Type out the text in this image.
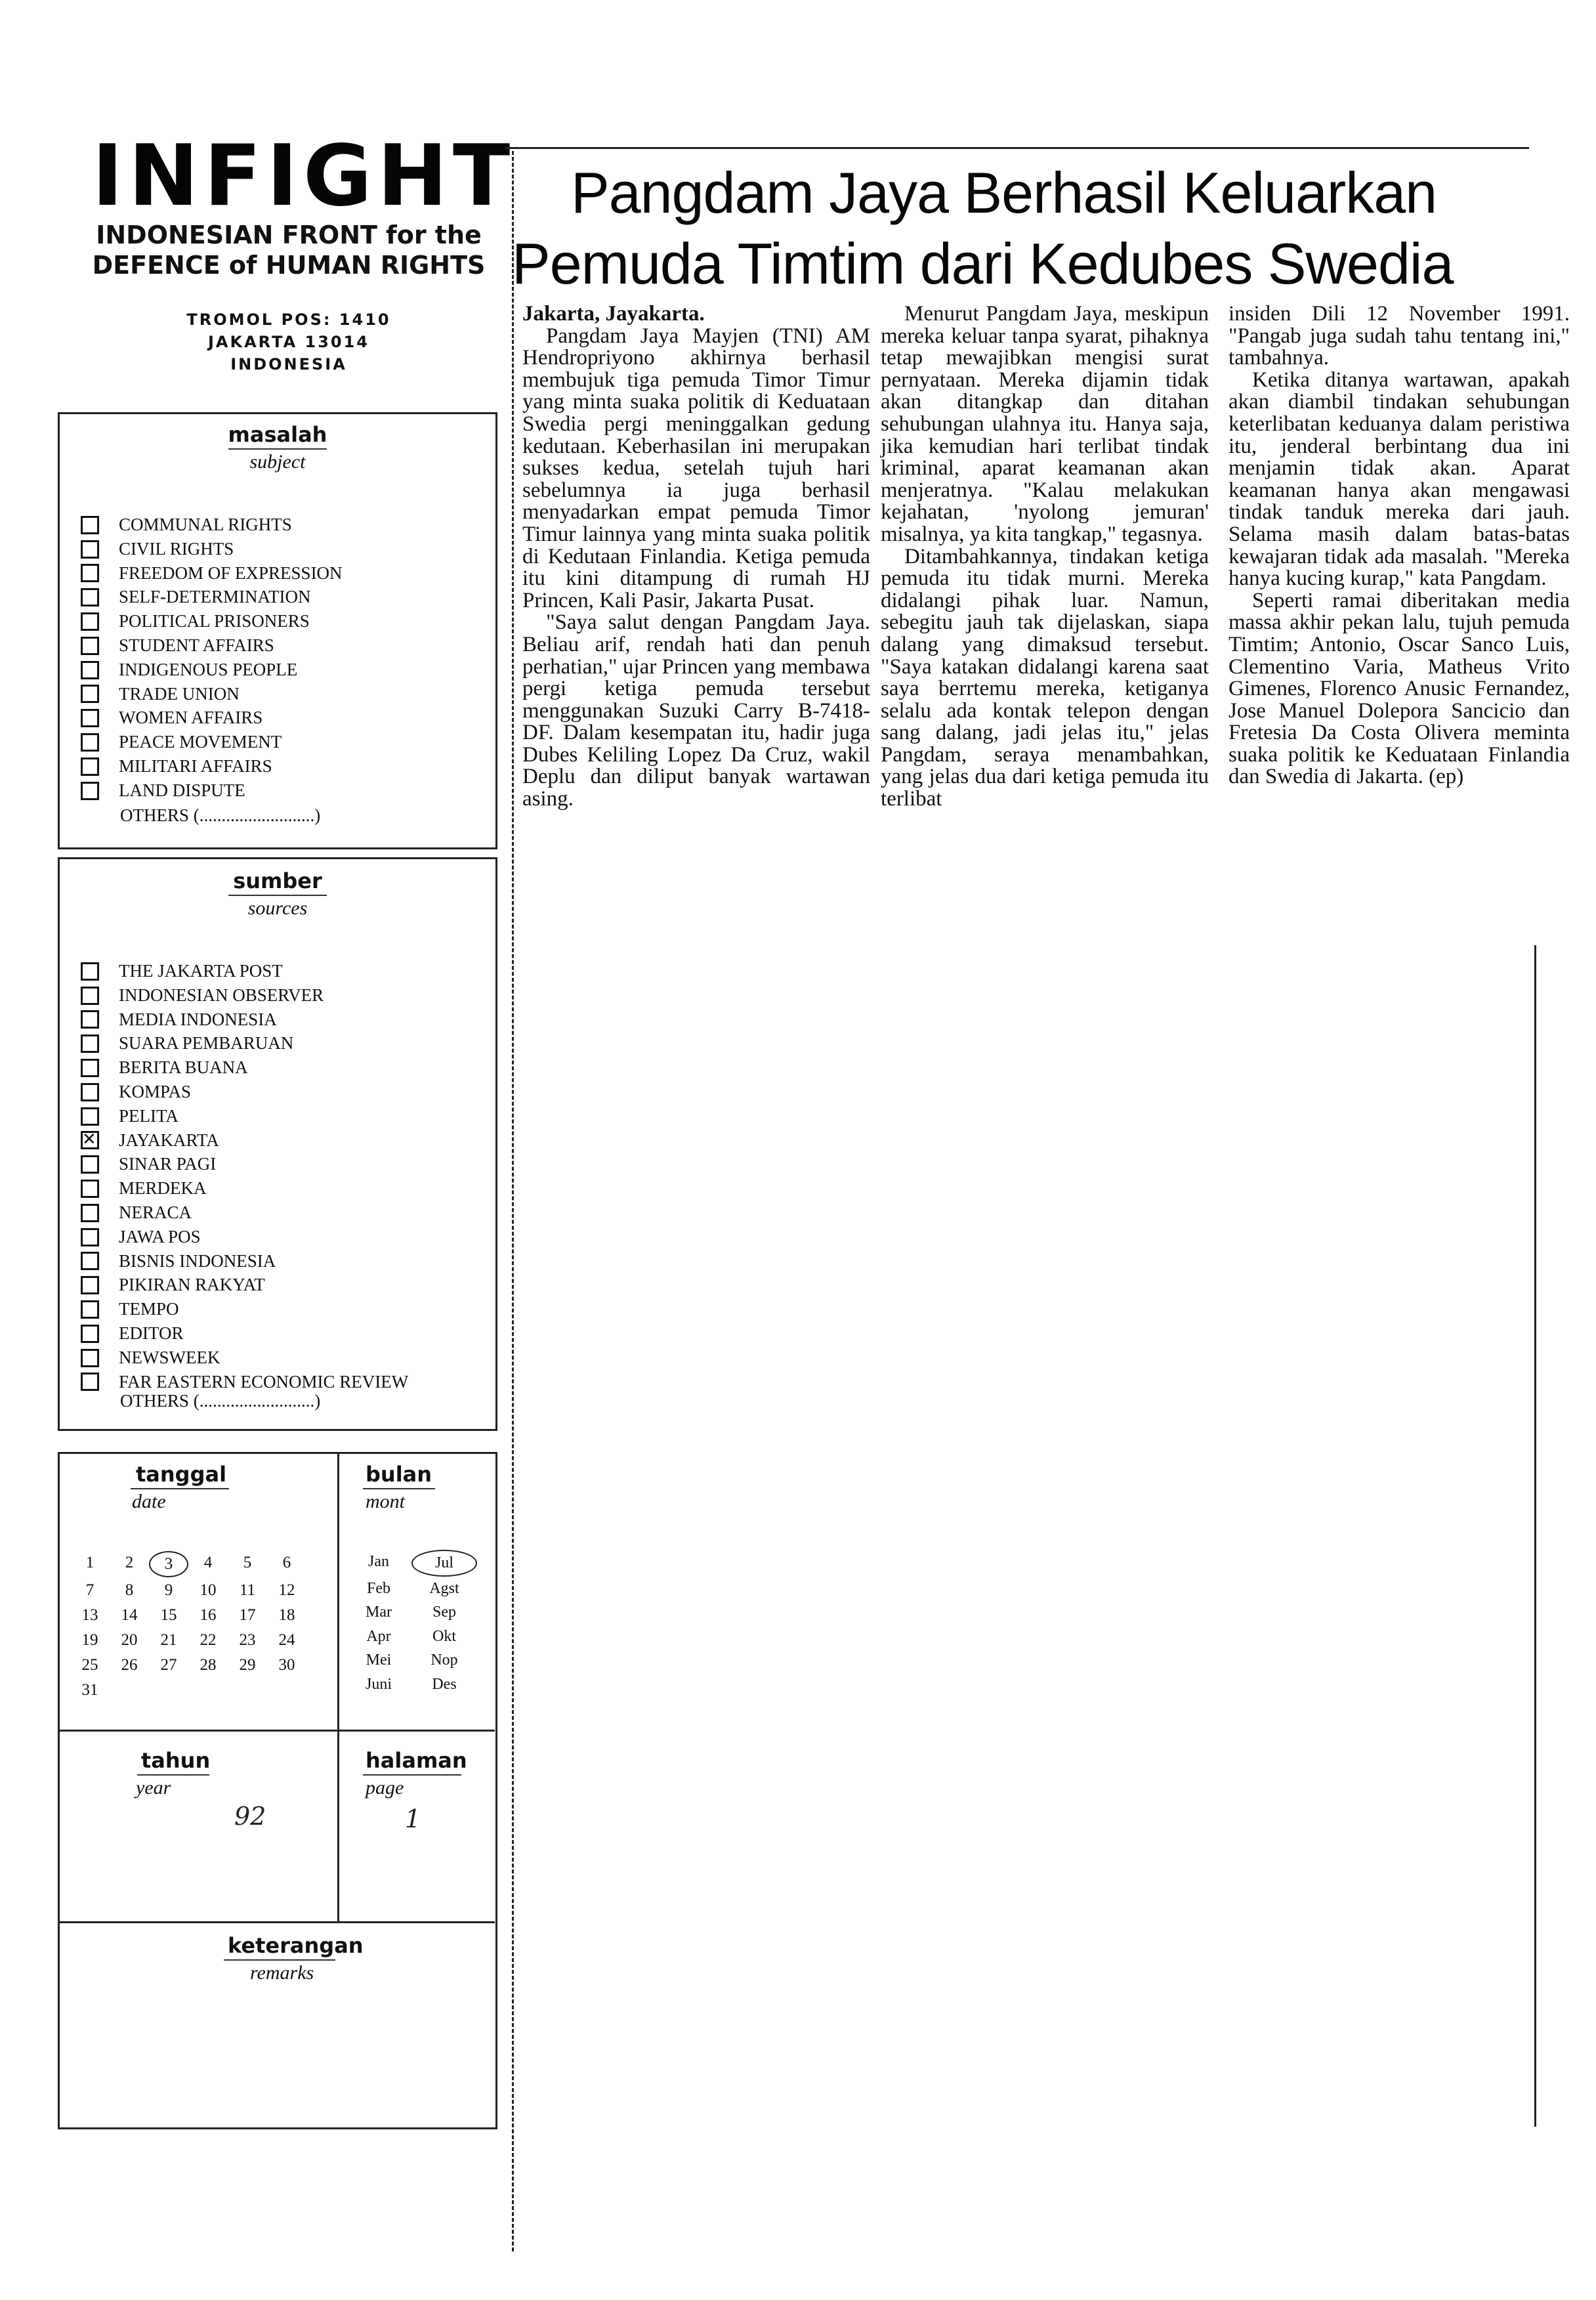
INFIGHT
INDONESIAN FRONT for the
DEFENCE of HUMAN RIGHTS
TROMOL POS: 1410
JAKARTA 13014
INDONESIA
masalah
subject
COMMUNAL RIGHTS
CIVIL RIGHTS
FREEDOM OF EXPRESSION
SELF-DETERMINATION
POLITICAL PRISONERS
STUDENT AFFAIRS
INDIGENOUS PEOPLE
TRADE UNION
WOMEN AFFAIRS
PEACE MOVEMENT
MILITARI AFFAIRS
LAND DISPUTE
OTHERS (..........................)
sumber
sources
THE JAKARTA POST
INDONESIAN OBSERVER
MEDIA INDONESIA
SUARA PEMBARUAN
BERITA BUANA
KOMPAS
PELITA
✕JAYAKARTA
SINAR PAGI
MERDEKA
NERACA
JAWA POS
BISNIS INDONESIA
PIKIRAN RAKYAT
TEMPO
EDITOR
NEWSWEEK
FAR EASTERN ECONOMIC REVIEW
OTHERS (..........................)
tanggal
date
bulan
mont
1	2	3	4	5	6
7	8	9	10	11	12
13	14	15	16	17	18
19	20	21	22	23	24
25	26	27	28	29	30
31
Jan	Jul
Feb	Agst
Mar	Sep
Apr	Okt
Mei	Nop
Juni	Des
tahun
year
92
halaman
page
1
keterangan
remarks
Pangdam Jaya Berhasil Keluarkan
Pemuda Timtim dari Kedubes Swedia

Jakarta, Jayakarta.

Pangdam Jaya Mayjen (TNI) AM Hendropriyono akhirnya berhasil membujuk tiga pemuda Timor Timur yang minta suaka politik di Keduataan Swedia pergi meninggalkan gedung kedutaan. Keberhasilan ini merupakan sukses kedua, setelah tujuh hari sebelumnya ia juga berhasil menyadarkan empat pemuda Timor Timur lainnya yang minta suaka politik di Kedutaan Finlandia. Ketiga pemuda itu kini ditampung di rumah HJ Princen, Kali Pasir, Jakarta Pusat.

"Saya salut dengan Pangdam Jaya. Beliau arif, rendah hati dan penuh perhatian," ujar Princen yang membawa pergi ketiga pemuda tersebut menggunakan Suzuki Carry B-7418-DF. Dalam kesempatan itu, hadir juga Dubes Keliling Lopez Da Cruz, wakil Deplu dan diliput banyak wartawan asing.

Menurut Pangdam Jaya, meskipun mereka keluar tanpa syarat, pihaknya tetap mewajibkan mengisi surat pernyataan. Mereka dijamin tidak akan ditangkap dan ditahan sehubungan ulahnya itu. Hanya saja, jika kemudian hari terlibat tindak kriminal, aparat keamanan akan menjeratnya. "Kalau melakukan kejahatan, 'nyolong jemuran' misalnya, ya kita tangkap," tegasnya.

Ditambahkannya, tindakan ketiga pemuda itu tidak murni. Mereka didalangi pihak luar. Namun, sebegitu jauh tak dijelaskan, siapa dalang yang dimaksud tersebut. "Saya katakan didalangi karena saat saya berrtemu mereka, ketiganya selalu ada kontak telepon dengan sang dalang, jadi jelas itu," jelas Pangdam, seraya menambahkan, yang jelas dua dari ketiga pemuda itu terlibat

insiden Dili 12 November 1991. "Pangab juga sudah tahu tentang ini," tambahnya.

Ketika ditanya wartawan, apakah akan diambil tindakan sehubungan keterlibatan keduanya dalam peristiwa itu, jenderal berbintang dua ini menjamin tidak akan. Aparat keamanan hanya akan mengawasi tindak tanduk mereka dari jauh. Selama masih dalam batas-batas kewajaran tidak ada masalah. "Mereka hanya kucing kurap," kata Pangdam.

Seperti ramai diberitakan media massa akhir pekan lalu, tujuh pemuda Timtim; Antonio, Oscar Sanco Luis, Clementino Varia, Matheus Vrito Gimenes, Florenco Anusic Fernandez, Jose Manuel Dolepora Sancicio dan Fretesia Da Costa Olivera meminta suaka politik ke Keduataan Finlandia dan Swedia di Jakarta. (ep)
